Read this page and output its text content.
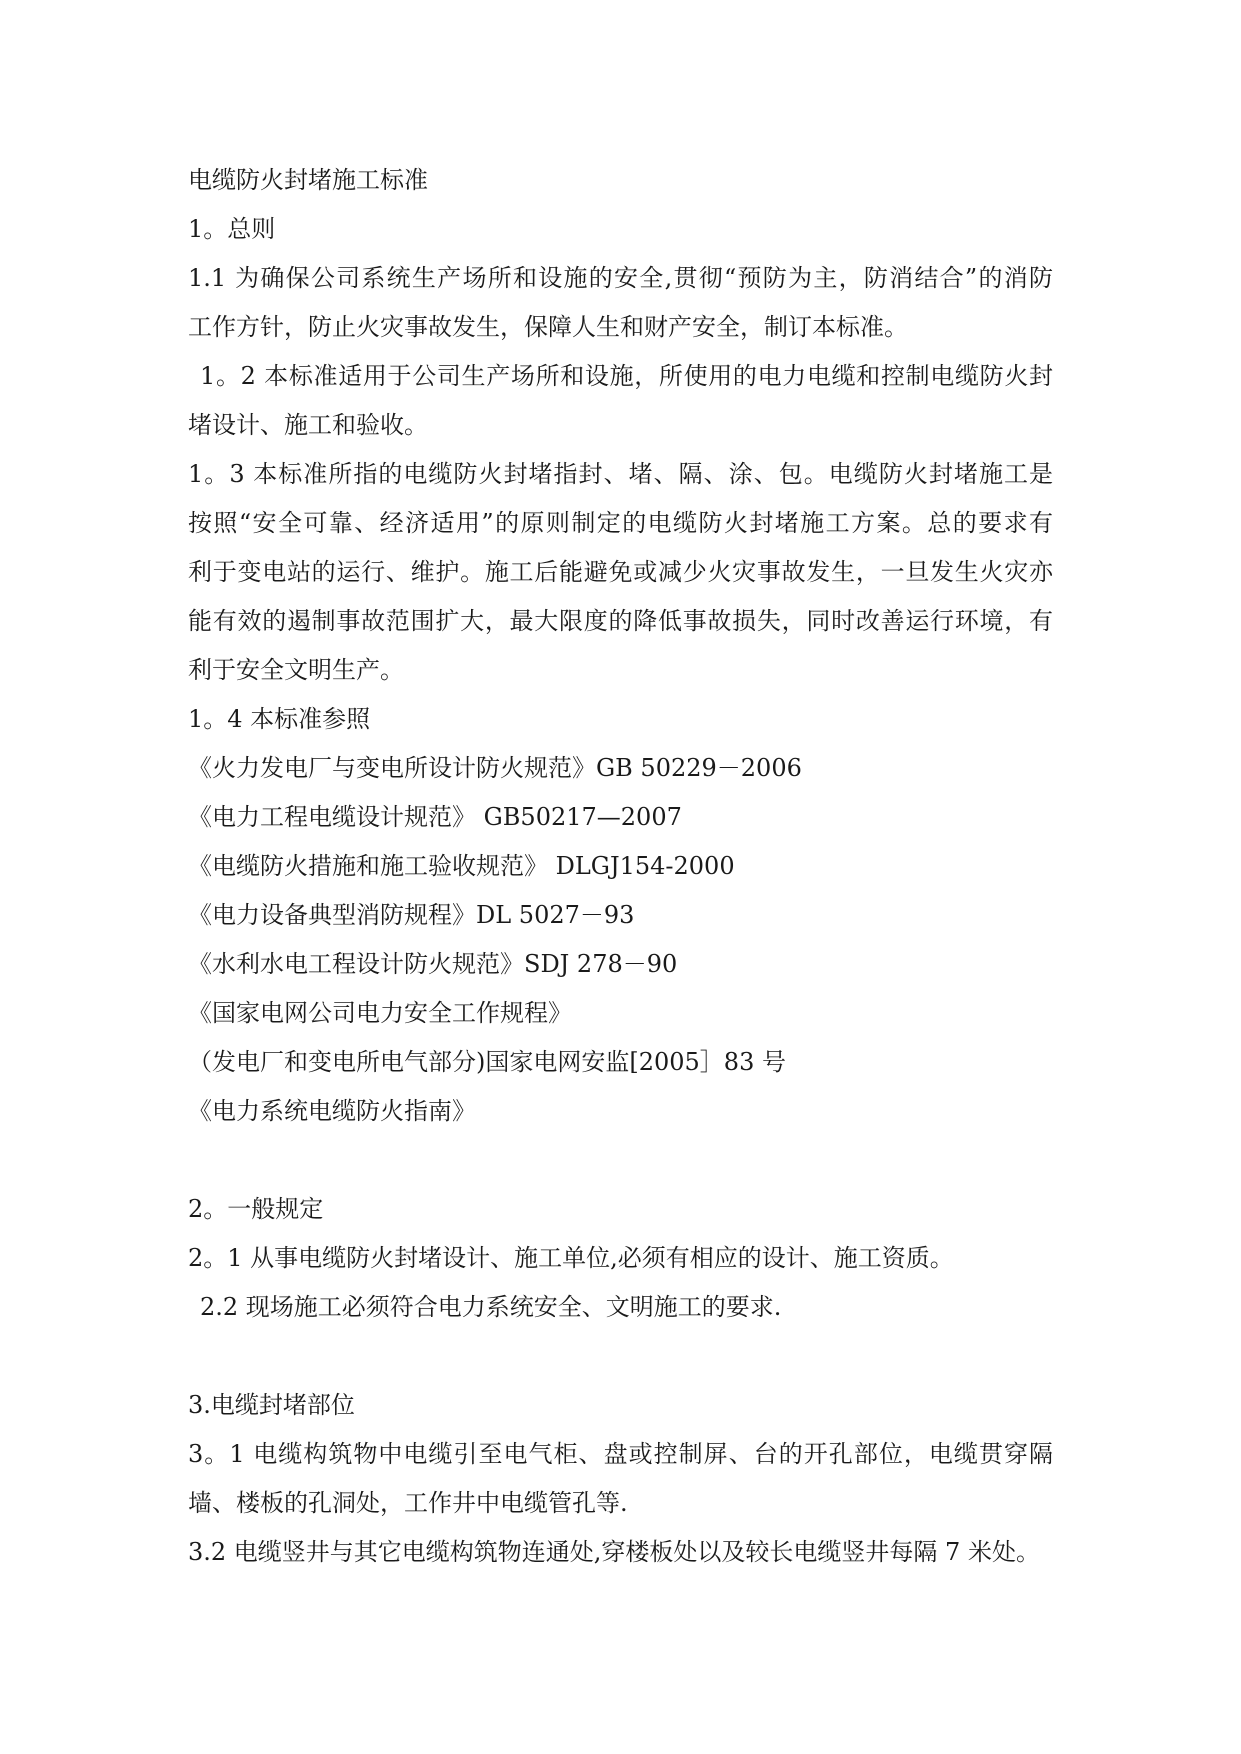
电缆防火封堵施工标准
1。总则
1.1 为确保公司系统生产场所和设施的安全,贯彻“预防为主，防消结合”的消防
工作方针，防止火灾事故发生，保障人生和财产安全，制订本标准。
1。2 本标准适用于公司生产场所和设施，所使用的电力电缆和控制电缆防火封
堵设计、施工和验收。
1。3 本标准所指的电缆防火封堵指封、堵、隔、涂、包。电缆防火封堵施工是
按照“安全可靠、经济适用”的原则制定的电缆防火封堵施工方案。总的要求有
利于变电站的运行、维护。施工后能避免或减少火灾事故发生，一旦发生火灾亦
能有效的遏制事故范围扩大，最大限度的降低事故损失，同时改善运行环境，有
利于安全文明生产。
1。4 本标准参照
《火力发电厂与变电所设计防火规范》GB 50229－2006
《电力工程电缆设计规范》 GB50217—2007
《电缆防火措施和施工验收规范》 DLGJ154-2000
《电力设备典型消防规程》DL 5027－93
《水利水电工程设计防火规范》SDJ 278－90
《国家电网公司电力安全工作规程》
（发电厂和变电所电气部分)国家电网安监[2005］83 号
《电力系统电缆防火指南》
2。一般规定
2。1 从事电缆防火封堵设计、施工单位,必须有相应的设计、施工资质。
2.2 现场施工必须符合电力系统安全、文明施工的要求.
3.电缆封堵部位
3。1 电缆构筑物中电缆引至电气柜、盘或控制屏、台的开孔部位，电缆贯穿隔
墙、楼板的孔洞处，工作井中电缆管孔等.
3.2 电缆竖井与其它电缆构筑物连通处,穿楼板处以及较长电缆竖井每隔 7 米处。
